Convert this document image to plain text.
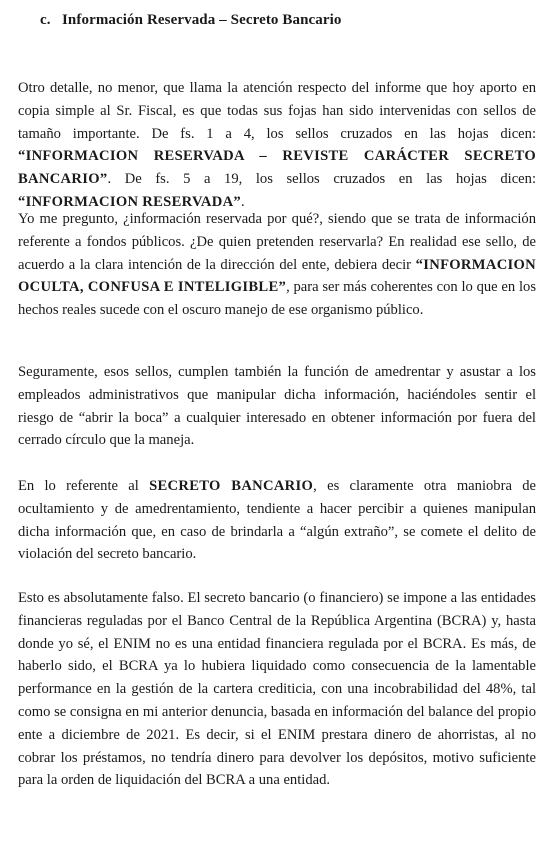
c. Información Reservada – Secreto Bancario

Otro detalle, no menor, que llama la atención respecto del informe que hoy aporto en copia simple al Sr. Fiscal, es que todas sus fojas han sido intervenidas con sellos de tamaño importante. De fs. 1 a 4, los sellos cruzados en las hojas dicen: “INFORMACION RESERVADA – REVISTE CARÁCTER SECRETO BANCARIO”. De fs. 5 a 19, los sellos cruzados en las hojas dicen: “INFORMACION RESERVADA”.

Yo me pregunto, ¿información reservada por qué?, siendo que se trata de información referente a fondos públicos. ¿De quien pretenden reservarla? En realidad ese sello, de acuerdo a la clara intención de la dirección del ente, debiera decir “INFORMACION OCULTA, CONFUSA E INTELIGIBLE”, para ser más coherentes con lo que en los hechos reales sucede con el oscuro manejo de ese organismo público.

Seguramente, esos sellos, cumplen también la función de amedrentar y asustar a los empleados administrativos que manipular dicha información, haciéndoles sentir el riesgo de “abrir la boca” a cualquier interesado en obtener información por fuera del cerrado círculo que la maneja.

En lo referente al SECRETO BANCARIO, es claramente otra maniobra de ocultamiento y de amedrentamiento, tendiente a hacer percibir a quienes manipulan dicha información que, en caso de brindarla a “algún extraño”, se comete el delito de violación del secreto bancario.

Esto es absolutamente falso. El secreto bancario (o financiero) se impone a las entidades financieras reguladas por el Banco Central de la República Argentina (BCRA) y, hasta donde yo sé, el ENIM no es una entidad financiera regulada por el BCRA. Es más, de haberlo sido, el BCRA ya lo hubiera liquidado como consecuencia de la lamentable performance en la gestión de la cartera crediticia, con una incobrabilidad del 48%, tal como se consigna en mi anterior denuncia, basada en información del balance del propio ente a diciembre de 2021. Es decir, si el ENIM prestara dinero de ahorristas, al no cobrar los préstamos, no tendría dinero para devolver los depósitos, motivo suficiente para la orden de liquidación del BCRA a una entidad.
